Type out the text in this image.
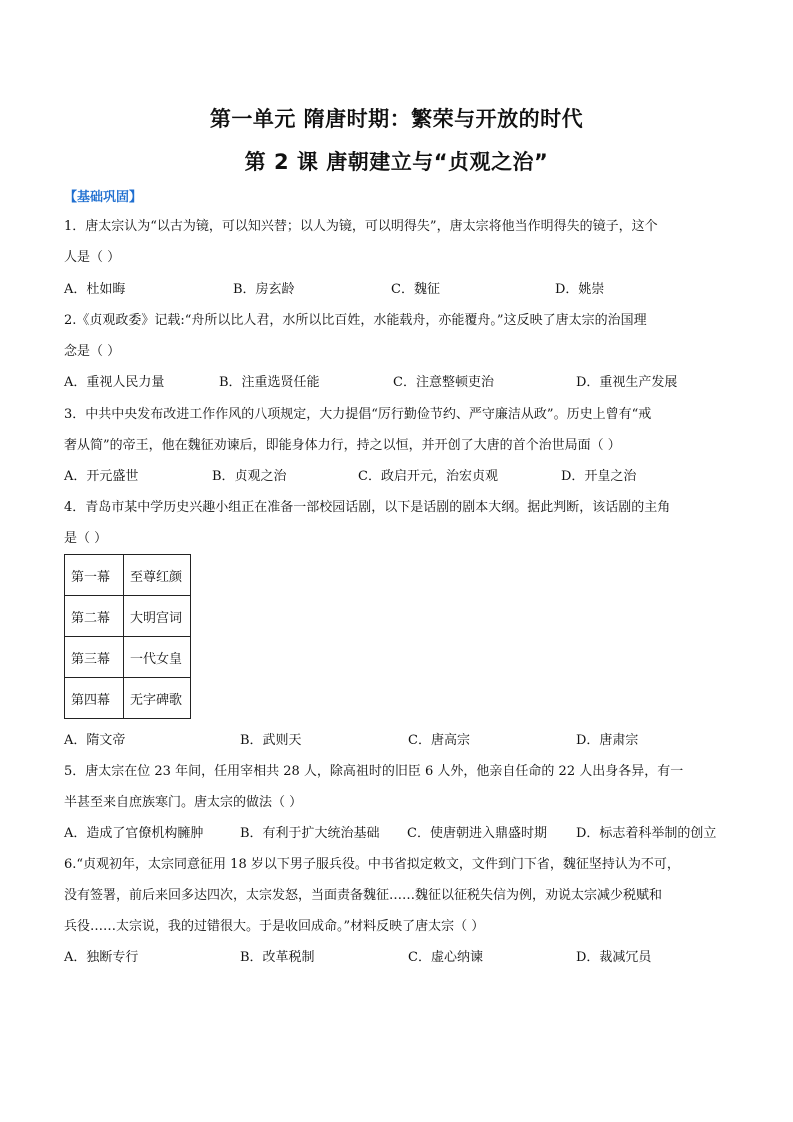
第一单元 隋唐时期：繁荣与开放的时代
第 2 课 唐朝建立与“贞观之治”
【基础巩固】
1．唐太宗认为“以古为镜，可以知兴替；以人为镜，可以明得失”，唐太宗将他当作明得失的镜子，这个
人是（ ）
A．杜如晦	B．房玄龄	C．魏征	D．姚崇
2.《贞观政委》记载:“舟所以比人君，水所以比百姓，水能载舟，亦能覆舟。”这反映了唐太宗的治国理
念是（ ）
A．重视人民力量	B．注重选贤任能	C．注意整顿吏治	D．重视生产发展
3．中共中央发布改进工作作风的八项规定，大力提倡“厉行勤俭节约、严守廉洁从政”。历史上曾有“戒
奢从简”的帝王，他在魏征劝谏后，即能身体力行，持之以恒，并开创了大唐的首个治世局面（ ）
A．开元盛世	B．贞观之治	C．政启开元，治宏贞观	D．开皇之治
4．青岛市某中学历史兴趣小组正在准备一部校园话剧，以下是话剧的剧本大纲。据此判断，该话剧的主角
是（ ）
第一幕	至尊红颜
第二幕	大明宫词
第三幕	一代女皇
第四幕	无字碑歌
A．隋文帝	B．武则天	C．唐高宗	D．唐肃宗
5．唐太宗在位 23 年间，任用宰相共 28 人，除高祖时的旧臣 6 人外，他亲自任命的 22 人出身各异，有一
半甚至来自庶族寒门。唐太宗的做法（ ）
A．造成了官僚机构臃肿	B．有利于扩大统治基础 C．使唐朝进入鼎盛时期 D．标志着科举制的创立
6.“贞观初年，太宗同意征用 18 岁以下男子服兵役。中书省拟定敕文，文件到门下省，魏征坚持认为不可，
没有签署，前后来回多达四次，太宗发怒，当面责备魏征……魏征以征税失信为例，劝说太宗减少税赋和
兵役……太宗说，我的过错很大。于是收回成命。”材料反映了唐太宗（ ）
A．独断专行	B．改革税制	C．虚心纳谏	D．裁减冗员
